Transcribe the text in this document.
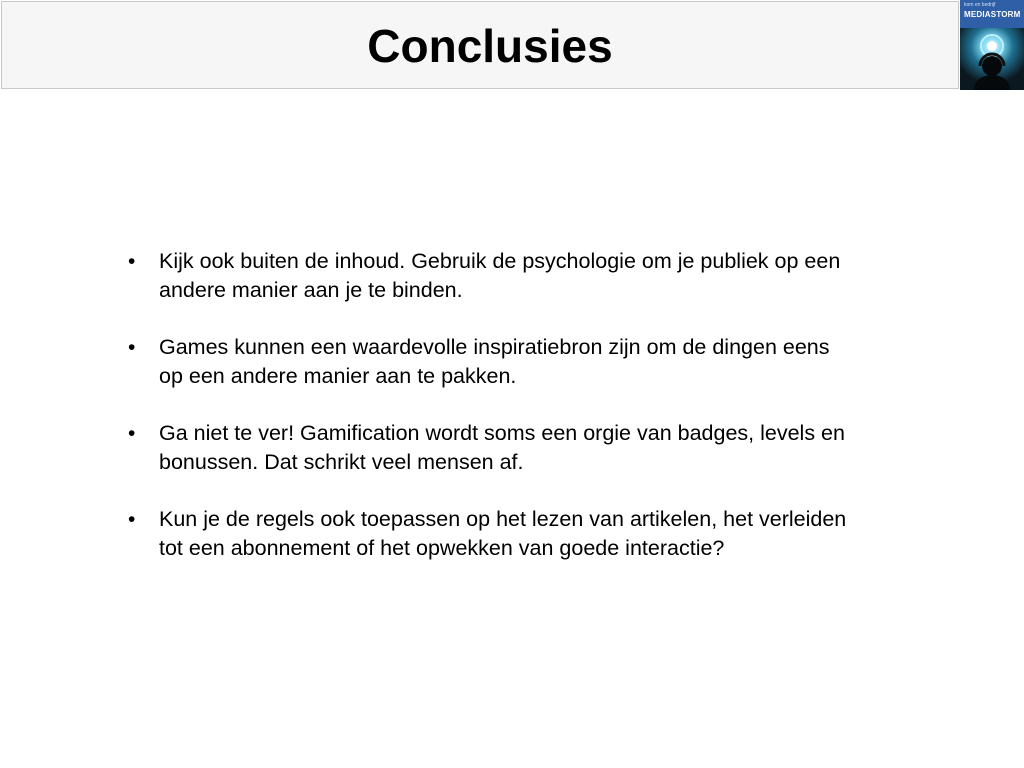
Conclusies
kom en bedrijf
MEDIASTORM
• Kijk ook buiten de inhoud. Gebruik de psychologie om je publiek op een andere manier aan je te binden.
• Games kunnen een waardevolle inspiratiebron zijn om de dingen eens op een andere manier aan te pakken.
• Ga niet te ver! Gamification wordt soms een orgie van badges, levels en bonussen. Dat schrikt veel mensen af.
• Kun je de regels ook toepassen op het lezen van artikelen, het verleiden tot een abonnement of het opwekken van goede interactie?
